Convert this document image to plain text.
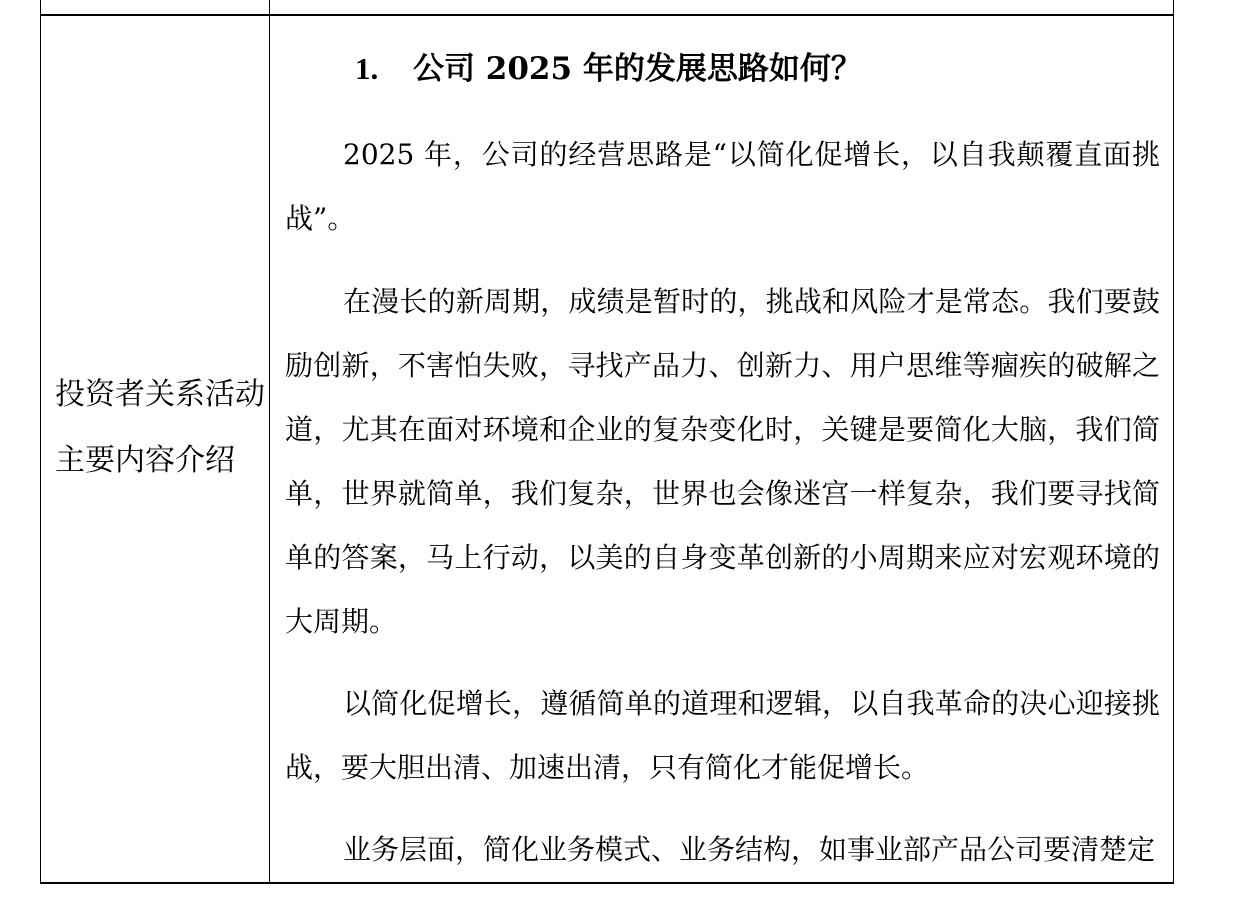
投资者关系活动主要内容介绍
1. 公司 2025 年的发展思路如何？
2025 年，公司的经营思路是“以简化促增长，以自我颠覆直面挑战”。
在漫长的新周期，成绩是暂时的，挑战和风险才是常态。我们要鼓励创新，不害怕失败，寻找产品力、创新力、用户思维等痼疾的破解之道，尤其在面对环境和企业的复杂变化时，关键是要简化大脑，我们简单，世界就简单，我们复杂，世界也会像迷宫一样复杂，我们要寻找简单的答案，马上行动，以美的自身变革创新的小周期来应对宏观环境的大周期。
以简化促增长，遵循简单的道理和逻辑，以自我革命的决心迎接挑战，要大胆出清、加速出清，只有简化才能促增长。
业务层面，简化业务模式、业务结构，如事业部产品公司要清楚定
